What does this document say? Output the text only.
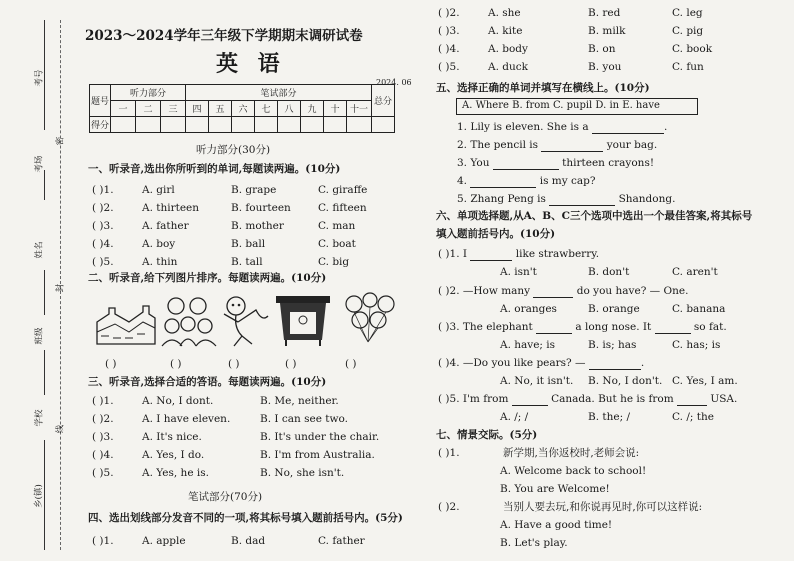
考号
考场
姓名
班级
学校
乡(镇)
密
封
线
2023～2024学年三年级下学期期末调研试卷
英 语
2024. 06
题号	听力部分			笔试部分								总分
	一	二	三	四	五	六	七	八	九	十	十一	
得分												
听力部分(30分)
一、听录音,选出你所听到的单词,每题读两遍。(10分)
( )1.	A. girl	B. grape	C. giraffe
( )2.	A. thirteen	B. fourteen	C. fifteen
( )3.	A. father	B. mother	C. man
( )4.	A. boy	B. ball	C. boat
( )5.	A. thin	B. tall	C. big
二、听录音,给下列图片排序。每题读两遍。(10分)
( )	( )	( )	( )	( )
三、听录音,选择合适的答语。每题读两遍。(10分)
( )1.	A. No, I dont.	B. Me, neither.
( )2.	A. I have eleven.	B. I can see two.
( )3.	A. It's nice.	B. It's under the chair.
( )4.	A. Yes, I do.	B. I'm from Australia.
( )5.	A. Yes, he is.	B. No, she isn't.
笔试部分(70分)
四、选出划线部分发音不同的一项,将其标号填入题前括号内。(5分)
( )1.	A. apple	B. dad	C. father
( )2.	A. she	B. red	C. leg
( )3.	A. kite	B. milk	C. pig
( )4.	A. body	B. on	C. book
( )5.	A. duck	B. you	C. fun
五、选择正确的单词并填写在横线上。(10分)
A. Where B. from C. pupil D. in E. have
1. Lily is eleven. She is a	.
2. The pencil is	your bag.
3. You	thirteen crayons!
4.	is my cap?
5. Zhang Peng is	Shandong.
六、单项选择题,从A、B、C三个选项中选出一个最佳答案,将其标号
填入题前括号内。(10分)
( )1. I	like strawberry.
A. isn't	B. don't	C. aren't
( )2. —How many	do you have? — One.
A. oranges	B. orange	C. banana
( )3. The elephant	a long nose. It	so fat.
A. have; is	B. is; has	C. has; is
( )4. —Do you like pears? —	.
A. No, it isn't. B. No, I don't. C. Yes, I am.
( )5. I'm from	Canada. But he is from	USA.
A. /; /	B. the; /	C. /; the
七、情景交际。(5分)
( )1.	新学期,当你返校时,老师会说:
A. Welcome back to school!
B. You are Welcome!
( )2.	当别人要去玩,和你说再见时,你可以这样说:
A. Have a good time!
B. Let's play.
